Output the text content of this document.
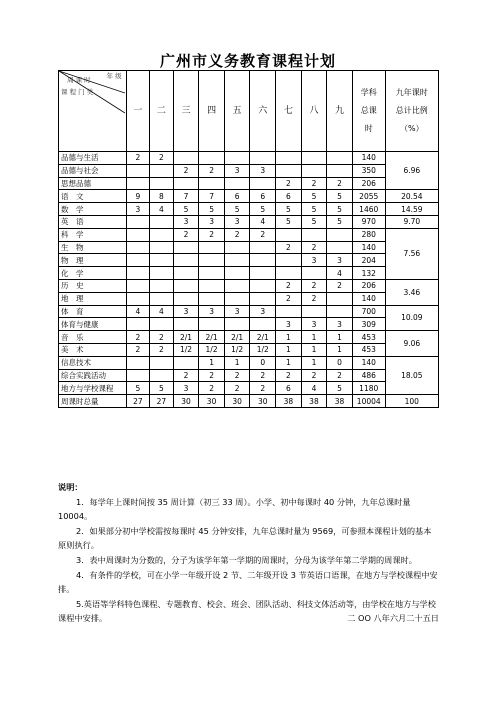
广州市义务教育课程计划
年 级
周 课 时
课 程 门 类	一	二	三	四	五	六	七	八	九	学科
总课
时	九年课时
总计比例
（%）

品德与生活	2	2								140	6.96
品德与社会			2	2	3	3				350	
思想品德							2	2	2	206	
语　文	9	8	7	7	6	6	6	5	5	2055	20.54
数　学	3	4	5	5	5	5	5	5	5	1460	14.59
英　语			3	3	3	4	5	5	5	970	9.70
科　学			2	2	2	2				280	7.56
生　物							2	2		140	
物　理								3	3	204	
化　学									4	132	
历　史							2	2	2	206	3.46
地　理							2	2		140	
体　育	4	4	3	3	3	3				700	10.09
体育与健康							3	3	3	309	
音　乐	2	2	2/1	2/1	2/1	2/1	1	1	1	453	9.06
美　术	2	2	1/2	1/2	1/2	1/2	1	1	1	453	
信息技术				1	1	0	1	1	0	140	18.05
综合实践活动			2	2	2	2	2	2	2	486	
地方与学校课程	5	5	3	2	2	2	6	4	5	1180	
周课时总量	27	27	30	30	30	30	38	38	38	10004	100

说明：

1．每学年上课时间按 35 周计算（初三 33 周）。小学、初中每课时 40 分钟，九年总课时量 10004。

2．如果部分初中学校需按每课时 45 分钟安排，九年总课时量为 9569，可参照本课程计划的基本原则执行。

3．表中周课时为分数的，分子为该学年第一学期的周课时，分母为该学年第二学期的周课时。

4．有条件的学校，可在小学一年级开设 2 节、二年级开设 3 节英语口语课，在地方与学校课程中安排。

5.英语等学科特色课程、专题教育、校会、班会、团队活动、科技文体活动等，由学校在地方与学校课程中安排。	二 OO 八年六月二十五日
